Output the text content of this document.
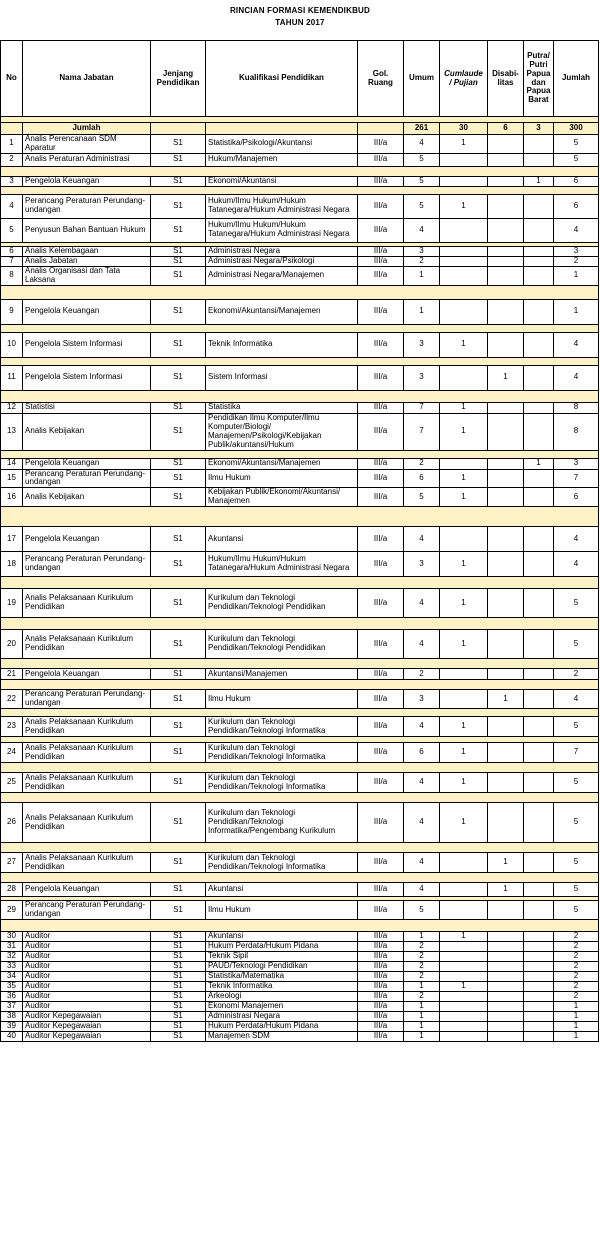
RINCIAN FORMASI KEMENDIKBUD
TAHUN 2017
No	Nama Jabatan	Jenjang Pendidikan	Kualifikasi Pendidikan	Gol. Ruang	Umum	Cumlaude / Pujian	Disabi-litas	Putra/ Putri Papua dan Papua Barat	Jumlah

	Jumlah				261	30	6	3	300
1	Analis Perencanaan SDM Aparatur	S1	Statistika/Psikologi/Akuntansi	III/a	4	1			5
2	Analis Peraturan Administrasi	S1	Hukum/Manajemen	III/a	5				5

3	Pengelola Keuangan	S1	Ekonomi/Akuntansi	III/a	5			1	6

4	Perancang Peraturan Perundang-undangan	S1	Hukum/Ilmu Hukum/Hukum Tatanegara/Hukum Administrasi Negara	III/a	5	1			6
5	Penyusun Bahan Bantuan Hukum	S1	Hukum/Ilmu Hukum/Hukum Tatanegara/Hukum Administrasi Negara	III/a	4				4

6	Analis Kelembagaan	S1	Administrasi Negara	III/a	3				3
7	Analis Jabatan	S1	Administrasi Negara/Psikologi	III/a	2				2
8	Analis Organisasi dan Tata Laksana	S1	Administrasi Negara/Manajemen	III/a	1				1

9	Pengelola Keuangan	S1	Ekonomi/Akuntansi/Manajemen	III/a	1				1

10	Pengelola Sistem Informasi	S1	Teknik Informatika	III/a	3	1			4

11	Pengelola Sistem Informasi	S1	Sistem Informasi	III/a	3		1		4

12	Statistisi	S1	Statistika	III/a	7	1			8
13	Analis Kebijakan	S1	Pendidikan Ilmu Komputer/Ilmu Komputer/Biologi/ Manajemen/Psikologi/Kebijakan Publik/akuntansi/Hukum	III/a	7	1			8

14	Pengelola Keuangan	S1	Ekonomi/Akuntansi/Manajemen	III/a	2			1	3
15	Perancang Peraturan Perundang-undangan	S1	Ilmu Hukum	III/a	6	1			7
16	Analis Kebijakan	S1	Kebijakan Publik/Ekonomi/Akuntansi/ Manajemen	III/a	5	1			6

17	Pengelola Keuangan	S1	Akuntansi	III/a	4				4
18	Perancang Peraturan Perundang-undangan	S1	Hukum/Ilmu Hukum/Hukum Tatanegara/Hukum Administrasi Negara	III/a	3	1			4

19	Analis Pelaksanaan Kurikulum Pendidikan	S1	Kurikulum dan Teknologi Pendidikan/Teknologi Pendidikan	III/a	4	1			5

20	Analis Pelaksanaan Kurikulum Pendidikan	S1	Kurikulum dan Teknologi Pendidikan/Teknologi Pendidikan	III/a	4	1			5

21	Pengelola Keuangan	S1	Akuntansi/Manajemen	III/a	2				2

22	Perancang Peraturan Perundang-undangan	S1	Ilmu Hukum	III/a	3		1		4

23	Analis Pelaksanaan Kurikulum Pendidikan	S1	Kurikulum dan Teknologi Pendidikan/Teknologi Informatika	III/a	4	1			5

24	Analis Pelaksanaan Kurikulum Pendidikan	S1	Kurikulum dan Teknologi Pendidikan/Teknologi Informatika	III/a	6	1			7

25	Analis Pelaksanaan Kurikulum Pendidikan	S1	Kurikulum dan Teknologi Pendidikan/Teknologi Informatika	III/a	4	1			5

26	Analis Pelaksanaan Kurikulum Pendidikan	S1	Kurikulum dan Teknologi Pendidikan/Teknologi Informatika/Pengembang Kurikulum	III/a	4	1			5

27	Analis Pelaksanaan Kurikulum Pendidikan	S1	Kurikulum dan Teknologi Pendidikan/Teknologi Informatika	III/a	4		1		5

28	Pengelola Keuangan	S1	Akuntansi	III/a	4		1		5

29	Perancang Peraturan Perundang-undangan	S1	Ilmu Hukum	III/a	5				5

30	Auditor	S1	Akuntansi	III/a	1	1			2
31	Auditor	S1	Hukum Perdata/Hukum Pidana	III/a	2				2
32	Auditor	S1	Teknik Sipil	III/a	2				2
33	Auditor	S1	PAUD/Teknologi Pendidikan	III/a	2				2
34	Auditor	S1	Statistika/Matematika	III/a	2				2
35	Auditor	S1	Teknik Informatika	III/a	1	1			2
36	Auditor	S1	Arkeologi	III/a	2				2
37	Auditor	S1	Ekonomi Manajemen	III/a	1				1
38	Auditor Kepegawaian	S1	Administrasi Negara	III/a	1				1
39	Auditor Kepegawaian	S1	Hukum Perdata/Hukum Pidana	III/a	1				1
40	Auditor Kepegawaian	S1	Manajemen SDM	III/a	1				1
